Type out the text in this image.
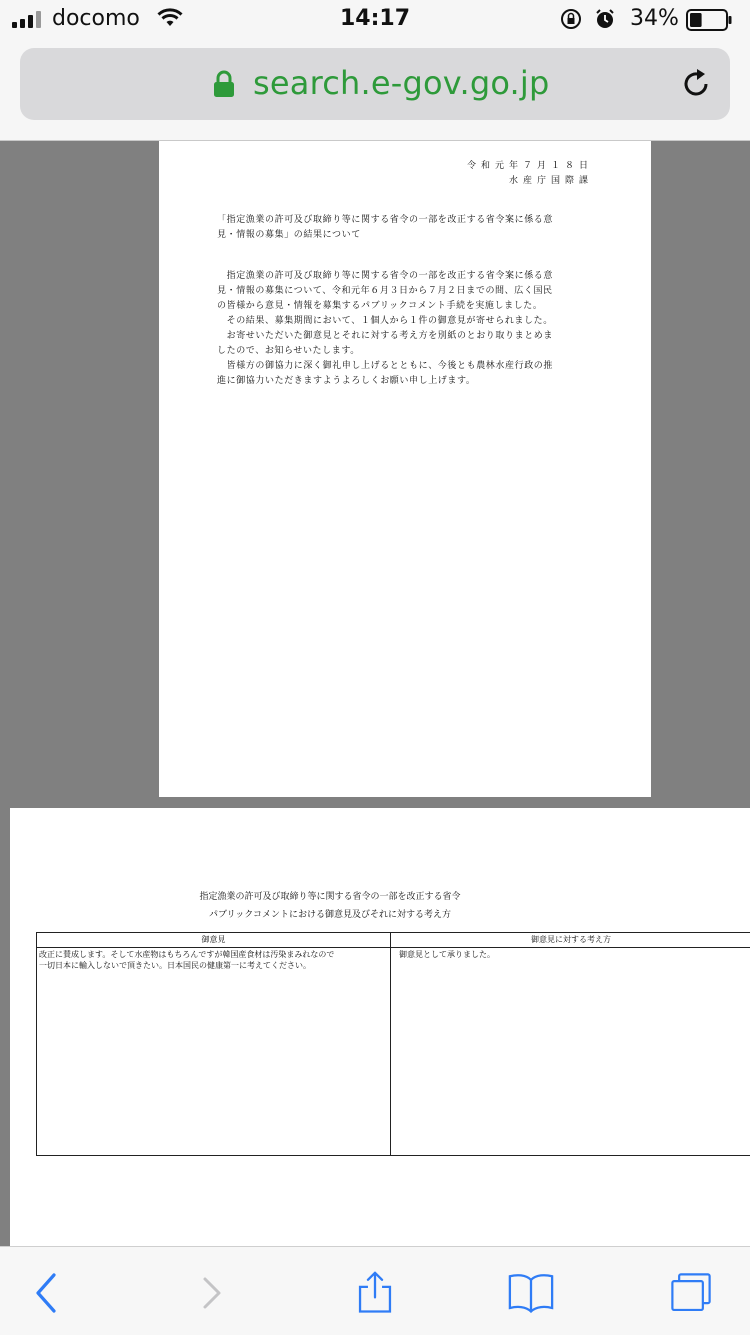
docomo	14:17	34%
search.e-gov.go.jp
令和元年７月１８日
水産庁国際課

「指定漁業の許可及び取締り等に関する省令の一部を改正する省令案に係る意

見・情報の募集」の結果について

　指定漁業の許可及び取締り等に関する省令の一部を改正する省令案に係る意

見・情報の募集について、令和元年６月３日から７月２日までの間、広く国民

の皆様から意見・情報を募集するパブリックコメント手続を実施しました。

　その結果、募集期間において、１個人から１件の御意見が寄せられました。

　お寄せいただいた御意見とそれに対する考え方を別紙のとおり取りまとめま

したので、お知らせいたします。

　皆様方の御協力に深く御礼申し上げるとともに、今後とも農林水産行政の推

進に御協力いただきますようよろしくお願い申し上げます。

指定漁業の許可及び取締り等に関する省令の一部を改正する省令
パブリックコメントにおける御意見及びそれに対する考え方
御意見
改正に賛成します。そして水産物はもちろんですが韓国産食材は汚染まみれなので
一切日本に輸入しないで頂きたい。日本国民の健康第一に考えてください。
御意見に対する考え方
御意見として承りました。
